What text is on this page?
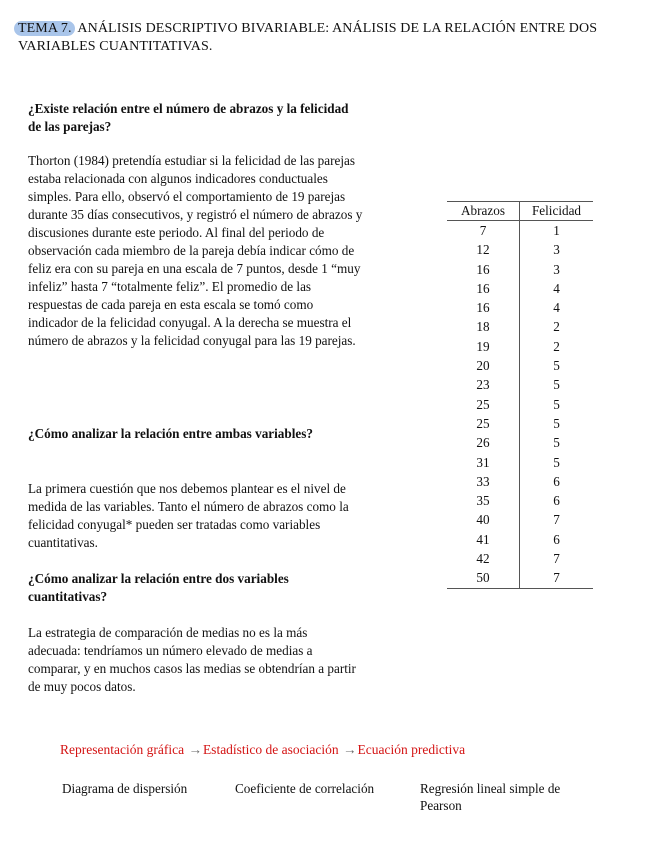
TEMA 7. ANÁLISIS DESCRIPTIVO BIVARIABLE: ANÁLISIS DE LA RELACIÓN ENTRE DOS VARIABLES CUANTITATIVAS.
¿Existe relación entre el número de abrazos y la felicidad de las parejas?
Thorton (1984) pretendía estudiar si la felicidad de las parejas estaba relacionada con algunos indicadores conductuales simples. Para ello, observó el comportamiento de 19 parejas durante 35 días consecutivos, y registró el número de abrazos y discusiones durante este periodo. Al final del periodo de observación cada miembro de la pareja debía indicar cómo de feliz era con su pareja en una escala de 7 puntos, desde 1 “muy infeliz” hasta 7 “totalmente feliz”. El promedio de las respuestas de cada pareja en esta escala se tomó como indicador de la felicidad conyugal. A la derecha se muestra el número de abrazos y la felicidad conyugal para las 19 parejas.
¿Cómo analizar la relación entre ambas variables?
La primera cuestión que nos debemos plantear es el nivel de medida de las variables. Tanto el número de abrazos como la felicidad conyugal* pueden ser tratadas como variables cuantitativas.
¿Cómo analizar la relación entre dos variables cuantitativas?
La estrategia de comparación de medias no es la más adecuada: tendríamos un número elevado de medias a comparar, y en muchos casos las medias se obtendrían a partir de muy pocos datos.
Abrazos	Felicidad
7	1
12	3
16	3
16	4
16	4
18	2
19	2
20	5
23	5
25	5
25	5
26	5
31	5
33	6
35	6
40	7
41	6
42	7
50	7
Representación gráfica →Estadístico de asociación →Ecuación predictiva
Diagrama de dispersión	Coeficiente de correlación	Regresión lineal simple de Pearson
